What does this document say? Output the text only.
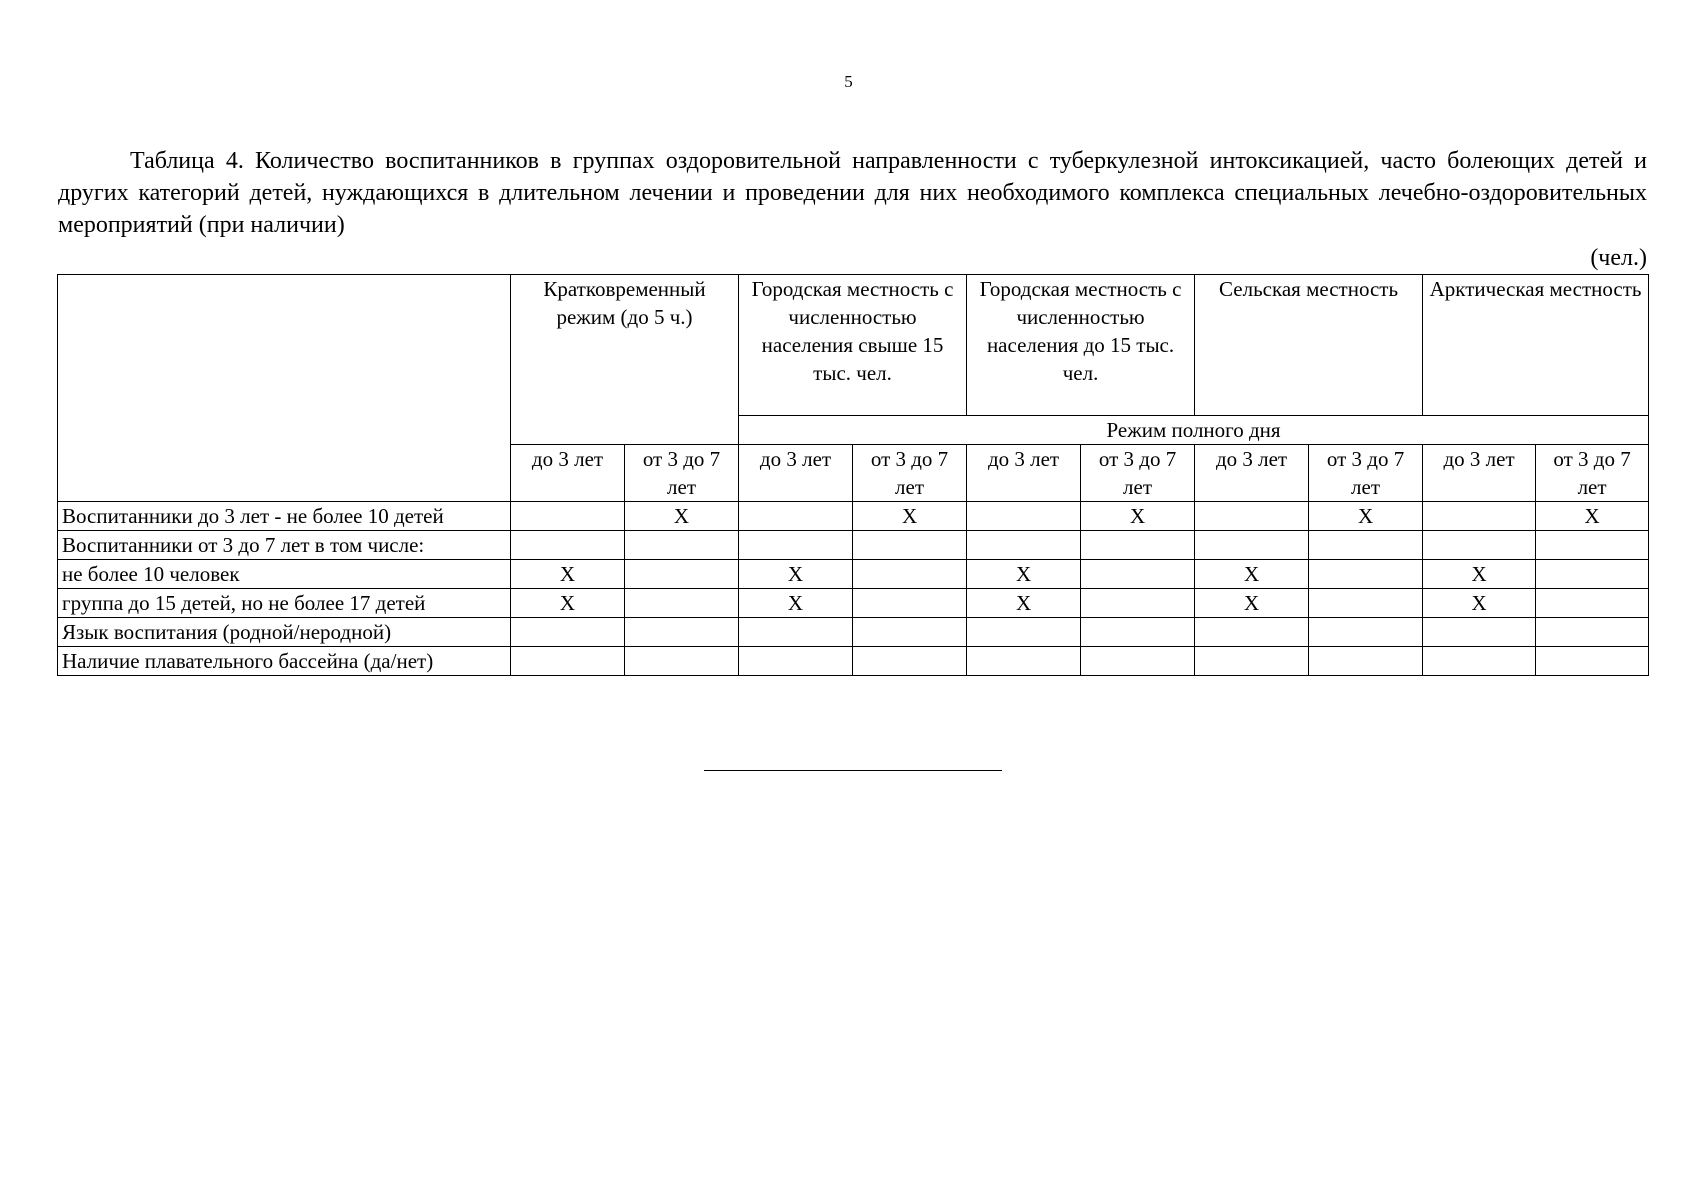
5
Таблица 4. Количество воспитанников в группах оздоровительной направленности с туберкулезной интоксикацией, часто болеющих детей и других категорий детей, нуждающихся в длительном лечении и проведении для них необходимого комплекса специальных лечебно-оздоровительных мероприятий (при наличии)
(чел.)
	Кратковременный режим (до 5 ч.)		Городская местность с численностью населения свыше 15 тыс. чел.		Городская местность с численностью населения до 15 тыс. чел.		Сельская местность		Арктическая местность	
			Режим полного дня							
	до 3 лет	от 3 до 7 лет	до 3 лет	от 3 до 7 лет	до 3 лет	от 3 до 7 лет	до 3 лет	от 3 до 7 лет	до 3 лет	от 3 до 7 лет
Воспитанники до 3 лет - не более 10 детей		X		X		X		X		X
Воспитанники от 3 до 7 лет в том числе:										
не более 10 человек	X		X		X		X		X	
группа до 15 детей, но не более 17 детей	X		X		X		X		X	
Язык воспитания (родной/неродной)										
Наличие плавательного бассейна (да/нет)										
